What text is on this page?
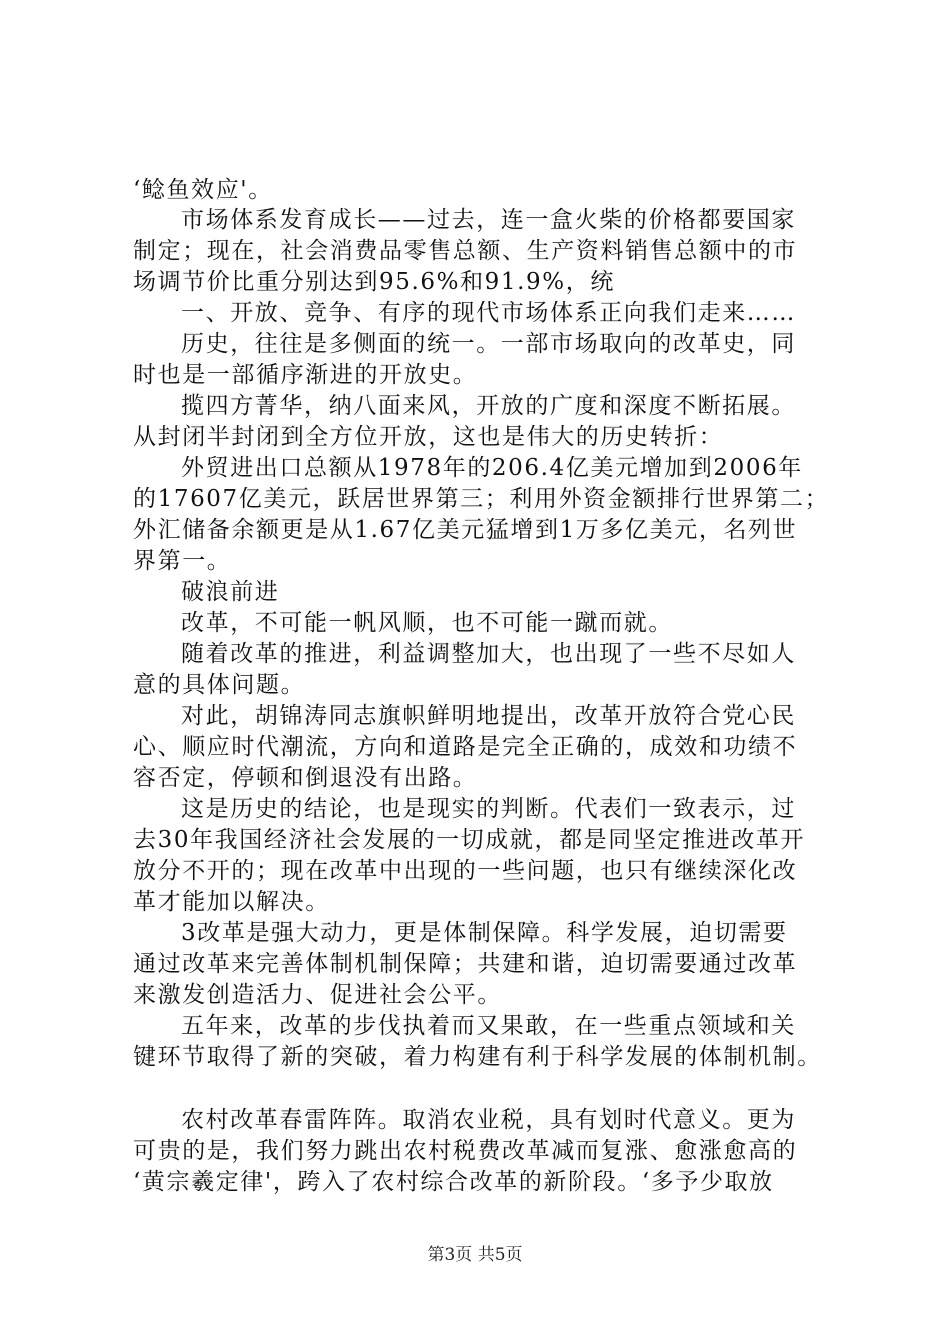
‘鲶鱼效应'。
市场体系发育成长——过去，连一盒火柴的价格都要国家
制定；现在，社会消费品零售总额、生产资料销售总额中的市
场调节价比重分别达到95.6%和91.9%，统
一、开放、竞争、有序的现代市场体系正向我们走来……
历史，往往是多侧面的统一。一部市场取向的改革史，同
时也是一部循序渐进的开放史。
揽四方菁华，纳八面来风，开放的广度和深度不断拓展。
从封闭半封闭到全方位开放，这也是伟大的历史转折：
外贸进出口总额从1978年的206.4亿美元增加到2006年
的17607亿美元，跃居世界第三；利用外资金额排行世界第二；
外汇储备余额更是从1.67亿美元猛增到1万多亿美元，名列世
界第一。
破浪前进
改革，不可能一帆风顺，也不可能一蹴而就。
随着改革的推进，利益调整加大，也出现了一些不尽如人
意的具体问题。
对此，胡锦涛同志旗帜鲜明地提出，改革开放符合党心民
心、顺应时代潮流，方向和道路是完全正确的，成效和功绩不
容否定，停顿和倒退没有出路。
这是历史的结论，也是现实的判断。代表们一致表示，过
去30年我国经济社会发展的一切成就，都是同坚定推进改革开
放分不开的；现在改革中出现的一些问题，也只有继续深化改
革才能加以解决。
3改革是强大动力，更是体制保障。科学发展，迫切需要
通过改革来完善体制机制保障；共建和谐，迫切需要通过改革
来激发创造活力、促进社会公平。
五年来，改革的步伐执着而又果敢，在一些重点领域和关
键环节取得了新的突破，着力构建有利于科学发展的体制机制。
农村改革春雷阵阵。取消农业税，具有划时代意义。更为
可贵的是，我们努力跳出农村税费改革减而复涨、愈涨愈高的
‘黄宗羲定律'，跨入了农村综合改革的新阶段。‘多予少取放
第3页 共5页
